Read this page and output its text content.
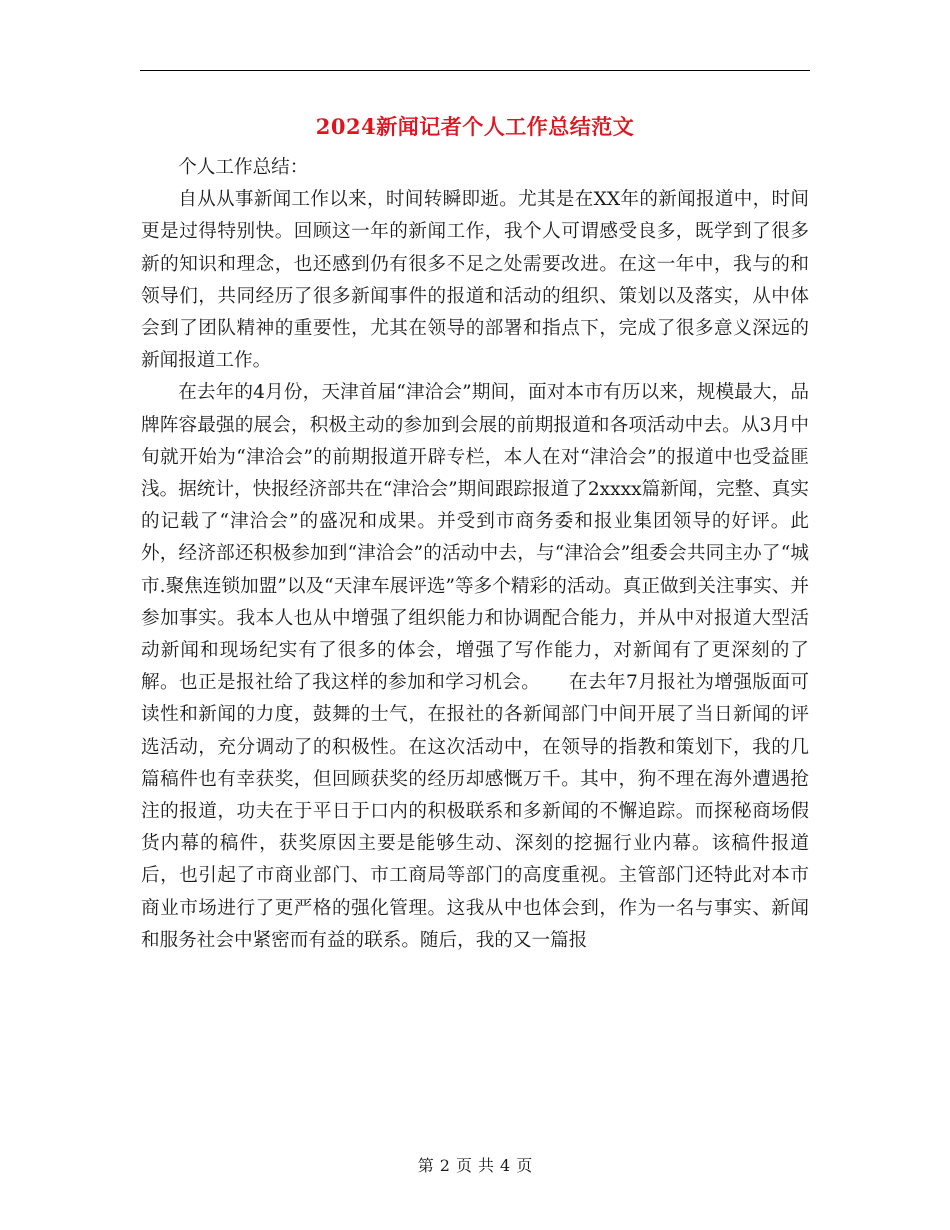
2024新闻记者个人工作总结范文

个人工作总结：

自从从事新闻工作以来，时间转瞬即逝。尤其是在XX年的新闻报道中，时间更是过得特别快。回顾这一年的新闻工作，我个人可谓感受良多，既学到了很多新的知识和理念，也还感到仍有很多不足之处需要改进。在这一年中，我与的和领导们，共同经历了很多新闻事件的报道和活动的组织、策划以及落实，从中体会到了团队精神的重要性，尤其在领导的部署和指点下，完成了很多意义深远的新闻报道工作。

在去年的4月份，天津首届“津洽会”期间，面对本市有历以来，规模最大，品牌阵容最强的展会，积极主动的参加到会展的前期报道和各项活动中去。从3月中旬就开始为“津洽会”的前期报道开辟专栏，本人在对“津洽会”的报道中也受益匪浅。据统计，快报经济部共在“津洽会”期间跟踪报道了2xxxx篇新闻，完整、真实的记载了“津洽会”的盛况和成果。并受到市商务委和报业集团领导的好评。此外，经济部还积极参加到“津洽会”的活动中去，与“津洽会”组委会共同主办了“城市.聚焦连锁加盟”以及“天津车展评选”等多个精彩的活动。真正做到关注事实、并参加事实。我本人也从中增强了组织能力和协调配合能力，并从中对报道大型活动新闻和现场纪实有了很多的体会，增强了写作能力，对新闻有了更深刻的了解。也正是报社给了我这样的参加和学习机会。　　在去年7月报社为增强版面可读性和新闻的力度，鼓舞的士气，在报社的各新闻部门中间开展了当日新闻的评选活动，充分调动了的积极性。在这次活动中，在领导的指教和策划下，我的几篇稿件也有幸获奖，但回顾获奖的经历却感慨万千。其中，狗不理在海外遭遇抢注的报道，功夫在于平日于口内的积极联系和多新闻的不懈追踪。而探秘商场假货内幕的稿件，获奖原因主要是能够生动、深刻的挖掘行业内幕。该稿件报道后，也引起了市商业部门、市工商局等部门的高度重视。主管部门还特此对本市商业市场进行了更严格的强化管理。这我从中也体会到，作为一名与事实、新闻和服务社会中紧密而有益的联系。随后，我的又一篇报

第 2 页 共 4 页
